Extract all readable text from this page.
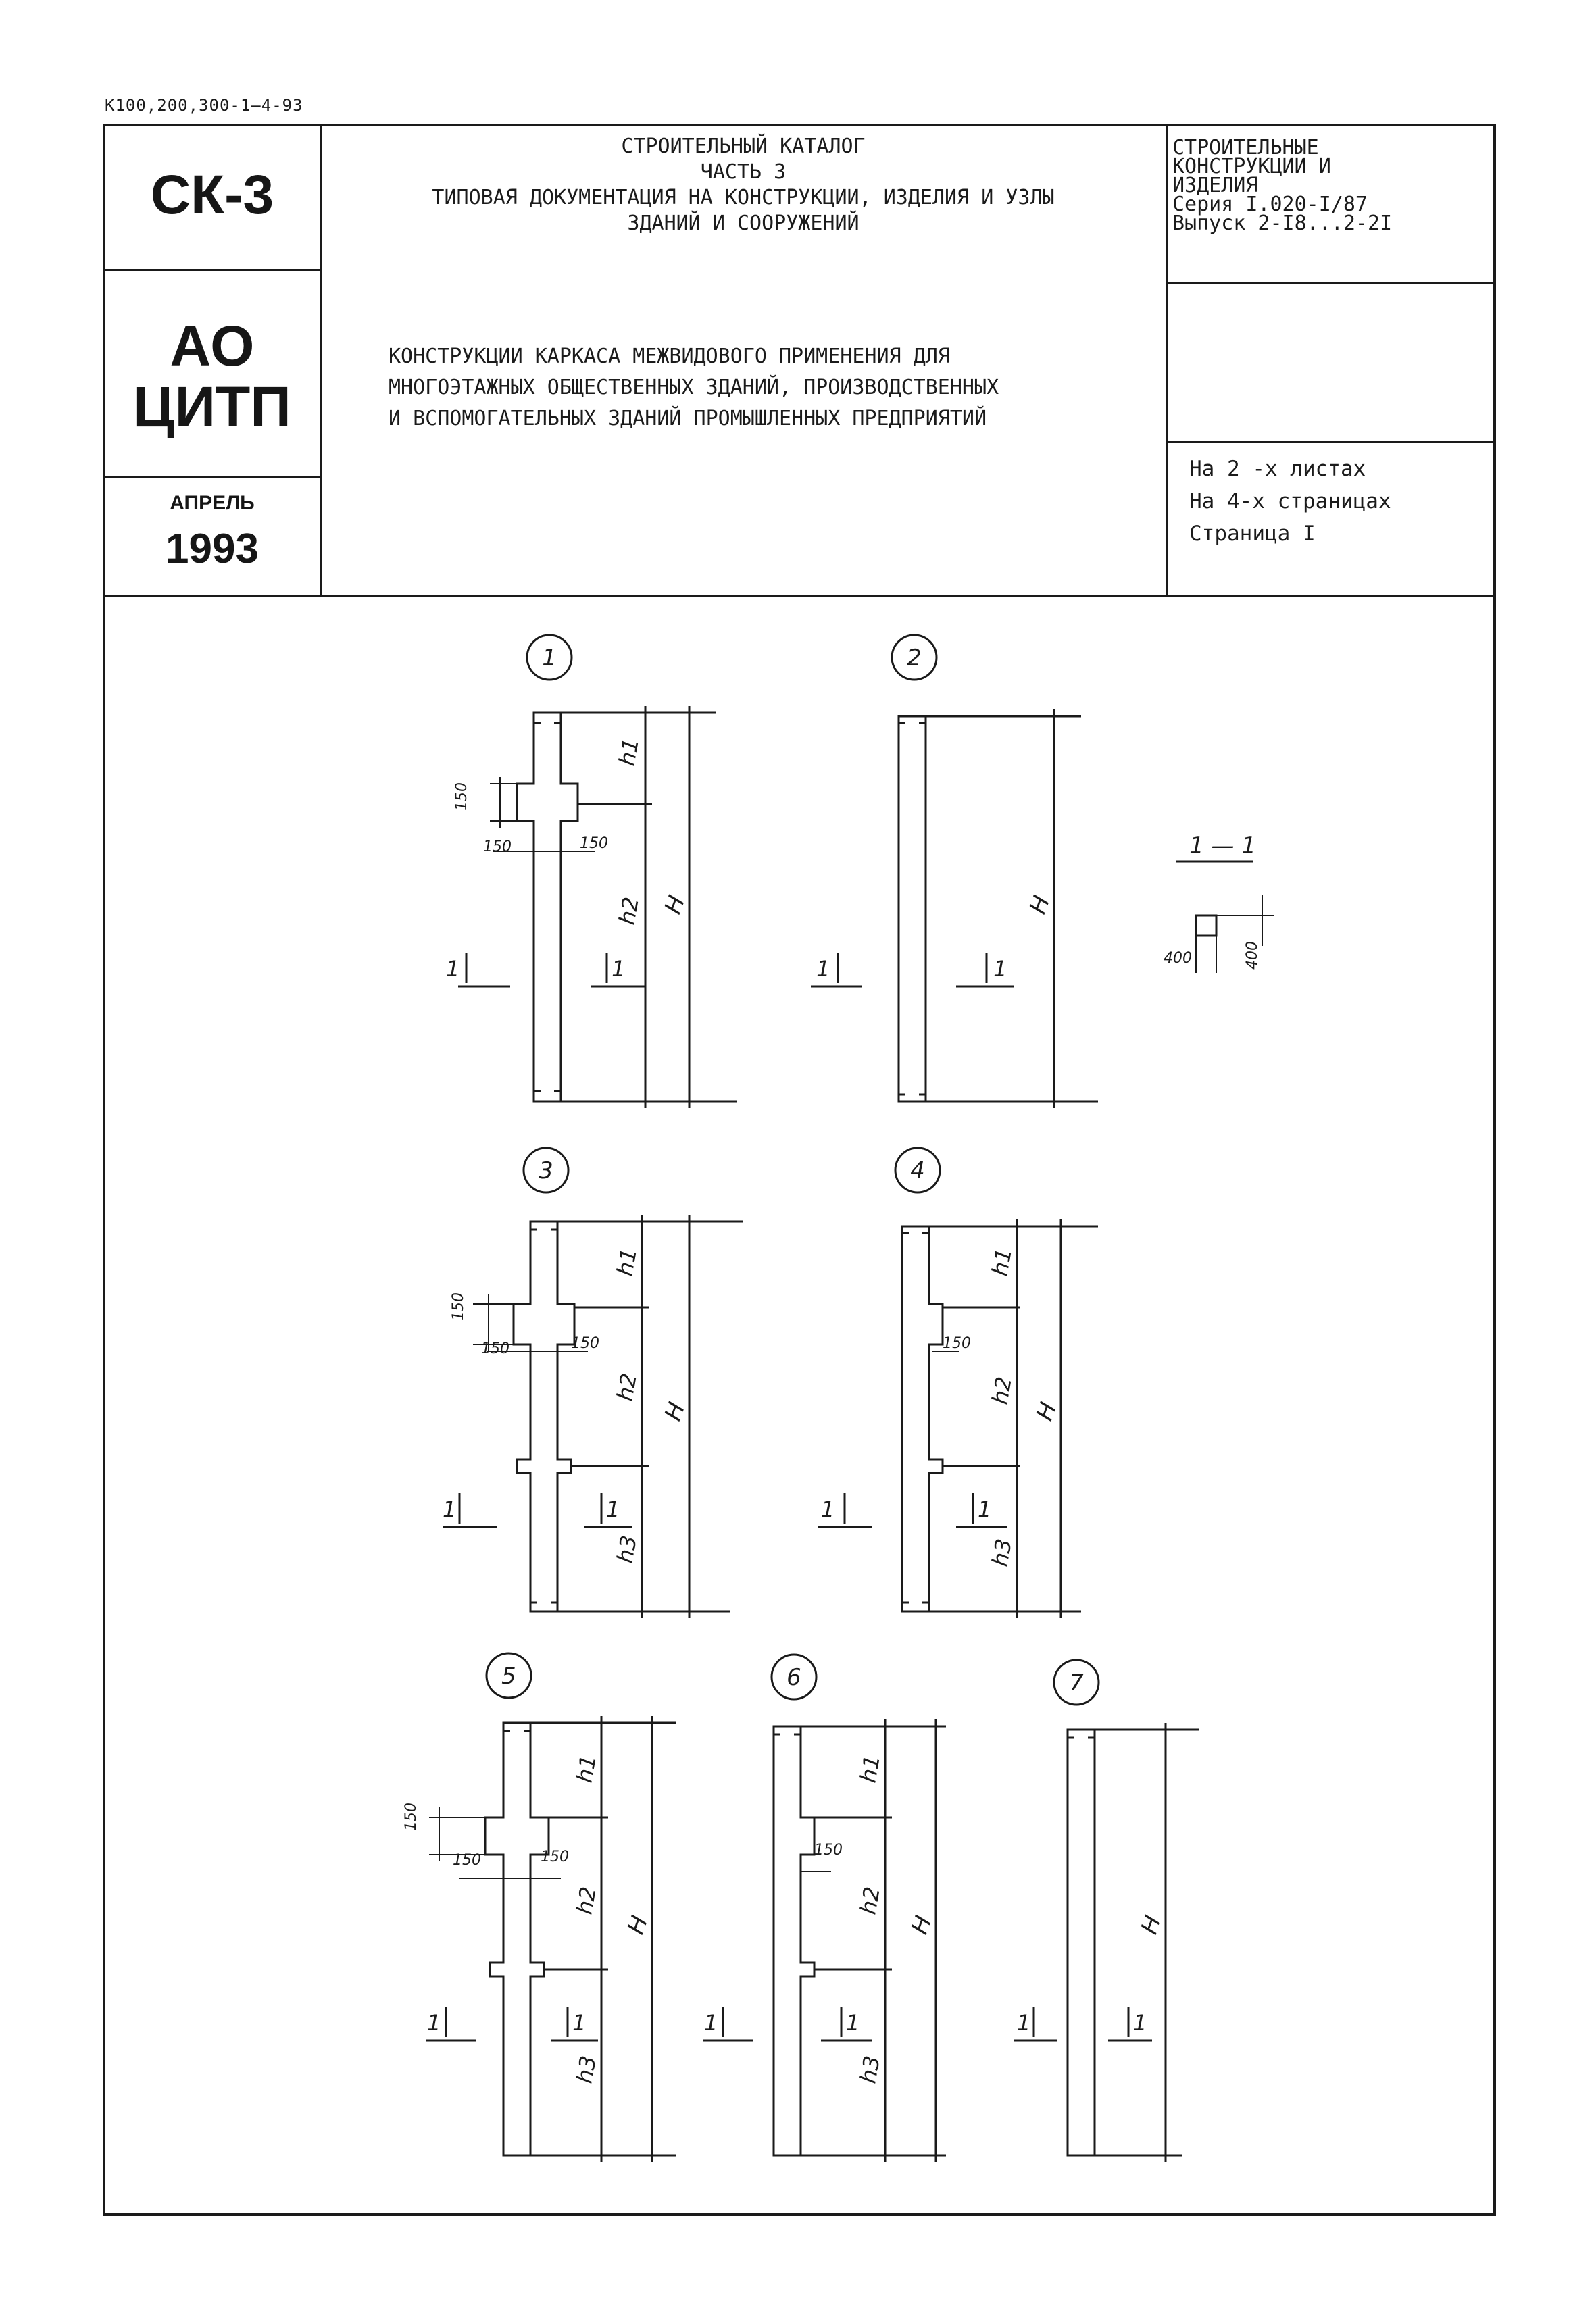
К100,200,300-1—4-93
СК-3
АО
ЦИТП
АПРЕЛЬ
1993
СТРОИТЕЛЬНЫЙ КАТАЛОГ
ЧАСТЬ 3
ТИПОВАЯ ДОКУМЕНТАЦИЯ НА КОНСТРУКЦИИ, ИЗДЕЛИЯ И УЗЛЫ
ЗДАНИЙ И СООРУЖЕНИЙ
КОНСТРУКЦИИ КАРКАСА МЕЖВИДОВОГО ПРИМЕНЕНИЯ ДЛЯ
МНОГОЭТАЖНЫХ ОБЩЕСТВЕННЫХ ЗДАНИЙ, ПРОИЗВОДСТВЕННЫХ
И ВСПОМОГАТЕЛЬНЫХ ЗДАНИЙ ПРОМЫШЛЕННЫХ ПРЕДПРИЯТИЙ
СТРОИТЕЛЬНЫЕ
КОНСТРУКЦИИ И
ИЗДЕЛИЯ
Серия I.020-I/87
Выпуск 2-I8...2-2I
На 2 -х листах
На 4-х страницах
Страница I
1
150
150	150
h1
h2 H
1	1
2
H
1	1
1 — 1
400	400
3
150
150	150
h1
h2
h3
H
1	1
4
150
h1
h2
h3
H
1	1
5
150
150	150
h1
h2
h3
H
1	1
6
150
h1
h2
h3
H
1	1
7
H
1	1
